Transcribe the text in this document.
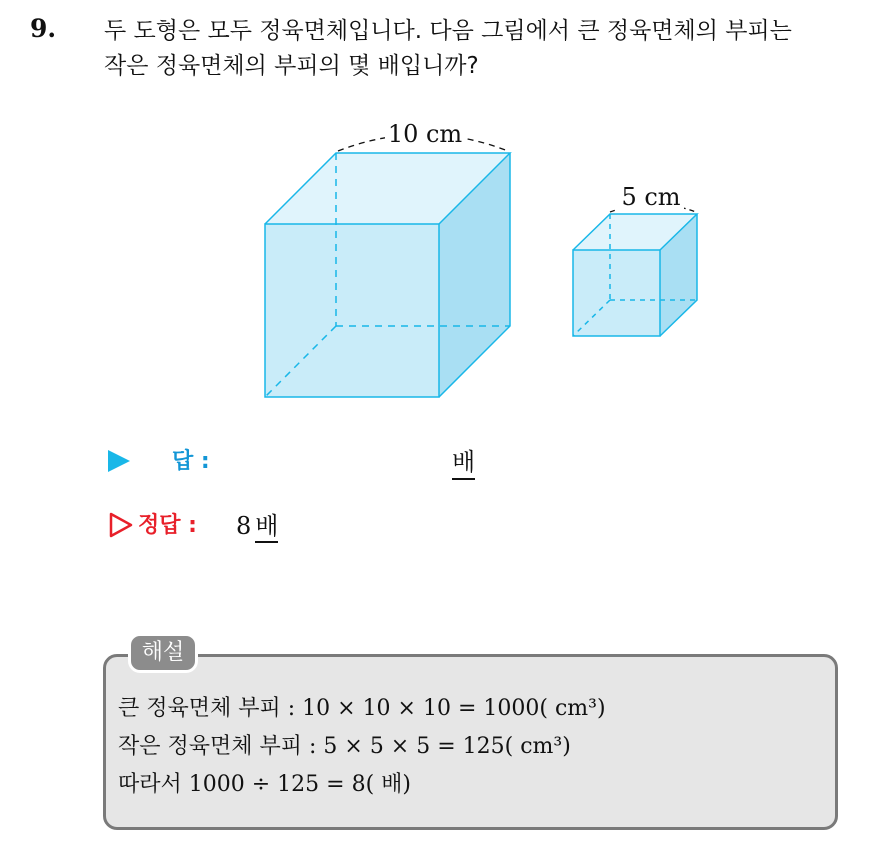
9. 두 도형은 모두 정육면체입니다. 다음 그림에서 큰 정육면체의 부피는
작은 정육면체의 부피의 몇 배입니까?
10 cm
5 cm
답 :	배
정답 : 8 배
해설
큰 정육면체 부피 : 10 × 10 × 10 = 1000( cm³)
작은 정육면체 부피 : 5 × 5 × 5 = 125( cm³)
따라서 1000 ÷ 125 = 8( 배)
